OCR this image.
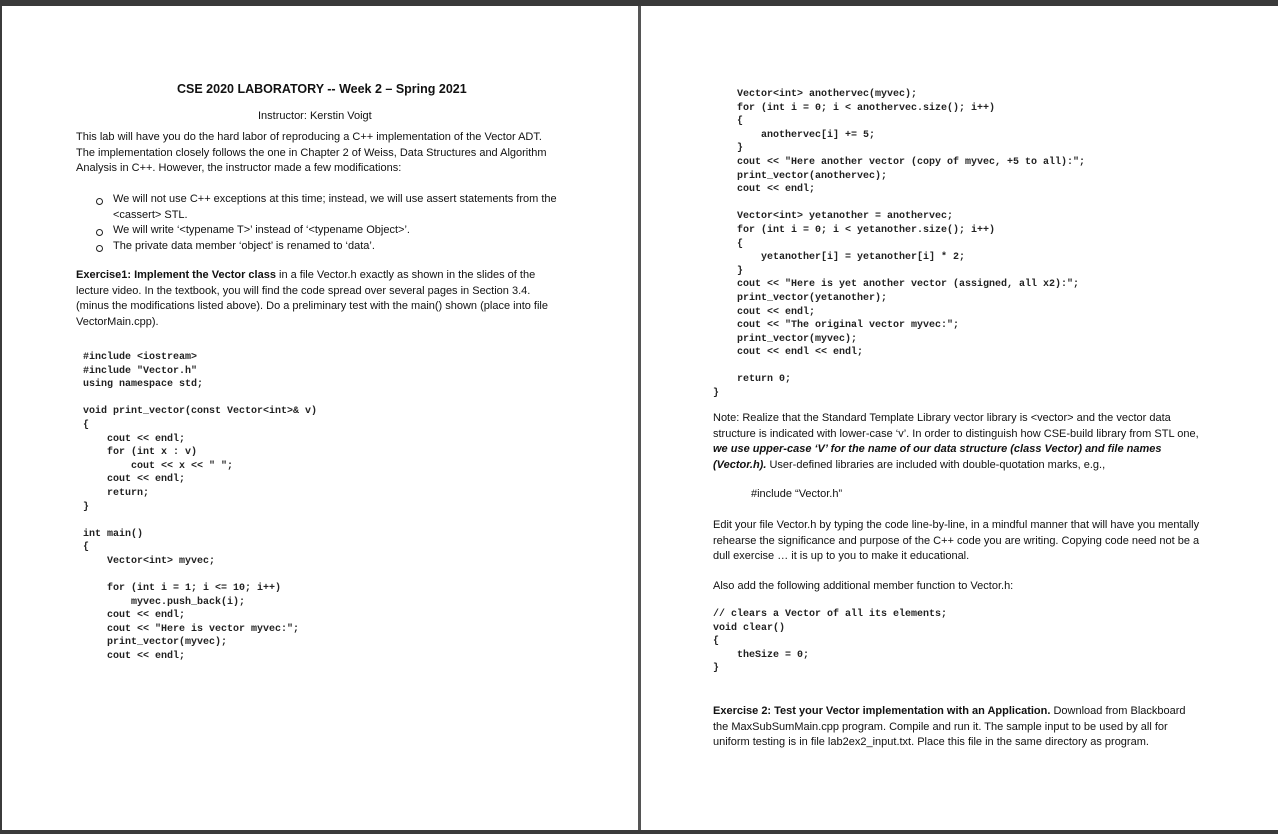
CSE 2020 LABORATORY -- Week 2 – Spring 2021
Instructor: Kerstin Voigt
This lab will have you do the hard labor of reproducing a C++ implementation of the Vector ADT. The implementation closely follows the one in Chapter 2 of Weiss, Data Structures and Algorithm Analysis in C++. However, the instructor made a few modifications:
We will not use C++ exceptions at this time; instead, we will use assert statements from the <cassert> STL.
We will write ‘<typename T>’ instead of ‘<typename Object>’.
The private data member ‘object’ is renamed to ‘data’.
Exercise1: Implement the Vector class in a file Vector.h exactly as shown in the slides of the lecture video. In the textbook, you will find the code spread over several pages in Section 3.4. (minus the modifications listed above). Do a preliminary test with the main() shown (place into file VectorMain.cpp).
#include <iostream>
#include "Vector.h"
using namespace std;

void print_vector(const Vector<int>& v)
{
cout << endl;
for (int x : v)
cout << x << " ";
cout << endl;
return;
}

int main()
{
Vector<int> myvec;

for (int i = 1; i <= 10; i++)
myvec.push_back(i);
cout << endl;
cout << "Here is vector myvec:";
print_vector(myvec);
cout << endl;
Vector<int> anothervec(myvec);
for (int i = 0; i < anothervec.size(); i++)
{
anothervec[i] += 5;
}
cout << "Here another vector (copy of myvec, +5 to all):";
print_vector(anothervec);
cout << endl;

Vector<int> yetanother = anothervec;
for (int i = 0; i < yetanother.size(); i++)
{
yetanother[i] = yetanother[i] * 2;
}
cout << "Here is yet another vector (assigned, all x2):";
print_vector(yetanother);
cout << endl;
cout << "The original vector myvec:";
print_vector(myvec);
cout << endl << endl;

return 0;
}
Note: Realize that the Standard Template Library vector library is <vector> and the vector data structure is indicated with lower-case ‘v’. In order to distinguish how CSE-build library from STL one, we use upper-case ‘V’ for the name of our data structure (class Vector) and file names (Vector.h). User-defined libraries are included with double-quotation marks, e.g.,
#include “Vector.h”
Edit your file Vector.h by typing the code line-by-line, in a mindful manner that will have you mentally rehearse the significance and purpose of the C++ code you are writing. Copying code need not be a dull exercise … it is up to you to make it educational.
Also add the following additional member function to Vector.h:
// clears a Vector of all its elements;
void clear()
{
theSize = 0;
}
Exercise 2: Test your Vector implementation with an Application. Download from Blackboard the MaxSubSumMain.cpp program. Compile and run it. The sample input to be used by all for uniform testing is in file lab2ex2_input.txt. Place this file in the same directory as program.
